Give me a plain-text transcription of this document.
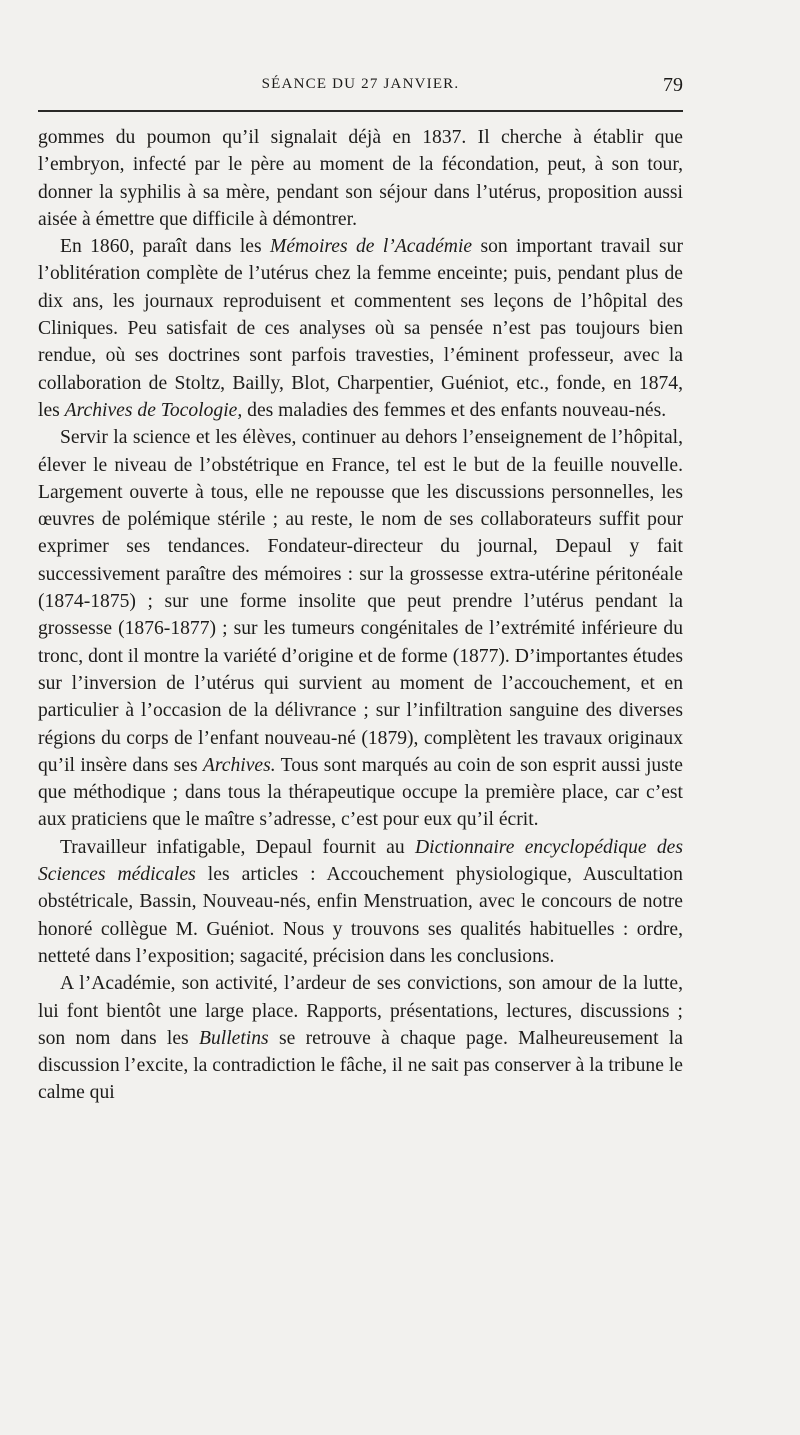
SÉANCE DU 27 JANVIER.	79

gommes du poumon qu’il signalait déjà en 1837. Il cherche à établir que l’embryon, infecté par le père au moment de la fécondation, peut, à son tour, donner la syphilis à sa mère, pendant son séjour dans l’utérus, proposition aussi aisée à émettre que difficile à démontrer.

En 1860, paraît dans les Mémoires de l’Académie son important travail sur l’oblitération complète de l’utérus chez la femme enceinte; puis, pendant plus de dix ans, les journaux reproduisent et commentent ses leçons de l’hôpital des Cliniques. Peu satisfait de ces analyses où sa pensée n’est pas toujours bien rendue, où ses doctrines sont parfois travesties, l’éminent professeur, avec la collaboration de Stoltz, Bailly, Blot, Charpentier, Guéniot, etc., fonde, en 1874, les Archives de Tocologie, des maladies des femmes et des enfants nouveau-nés.

Servir la science et les élèves, continuer au dehors l’enseignement de l’hôpital, élever le niveau de l’obstétrique en France, tel est le but de la feuille nouvelle. Largement ouverte à tous, elle ne repousse que les discussions personnelles, les œuvres de polémique stérile ; au reste, le nom de ses collaborateurs suffit pour exprimer ses tendances. Fondateur-directeur du journal, Depaul y fait successivement paraître des mémoires : sur la grossesse extra-utérine péritonéale (1874-1875) ; sur une forme insolite que peut prendre l’utérus pendant la grossesse (1876-1877) ; sur les tumeurs congénitales de l’extrémité inférieure du tronc, dont il montre la variété d’origine et de forme (1877). D’importantes études sur l’inversion de l’utérus qui survient au moment de l’accouchement, et en particulier à l’occasion de la délivrance ; sur l’infiltration sanguine des diverses régions du corps de l’enfant nouveau-né (1879), complètent les travaux originaux qu’il insère dans ses Archives. Tous sont marqués au coin de son esprit aussi juste que méthodique ; dans tous la thérapeutique occupe la première place, car c’est aux praticiens que le maître s’adresse, c’est pour eux qu’il écrit.

Travailleur infatigable, Depaul fournit au Dictionnaire encyclopédique des Sciences médicales les articles : Accouchement physiologique, Auscultation obstétricale, Bassin, Nouveau-nés, enfin Menstruation, avec le concours de notre honoré collègue M. Guéniot. Nous y trouvons ses qualités habituelles : ordre, netteté dans l’exposition; sagacité, précision dans les conclusions.

A l’Académie, son activité, l’ardeur de ses convictions, son amour de la lutte, lui font bientôt une large place. Rapports, présentations, lectures, discussions ; son nom dans les Bulletins se retrouve à chaque page. Malheureusement la discussion l’excite, la contradiction le fâche, il ne sait pas conserver à la tribune le calme qui
